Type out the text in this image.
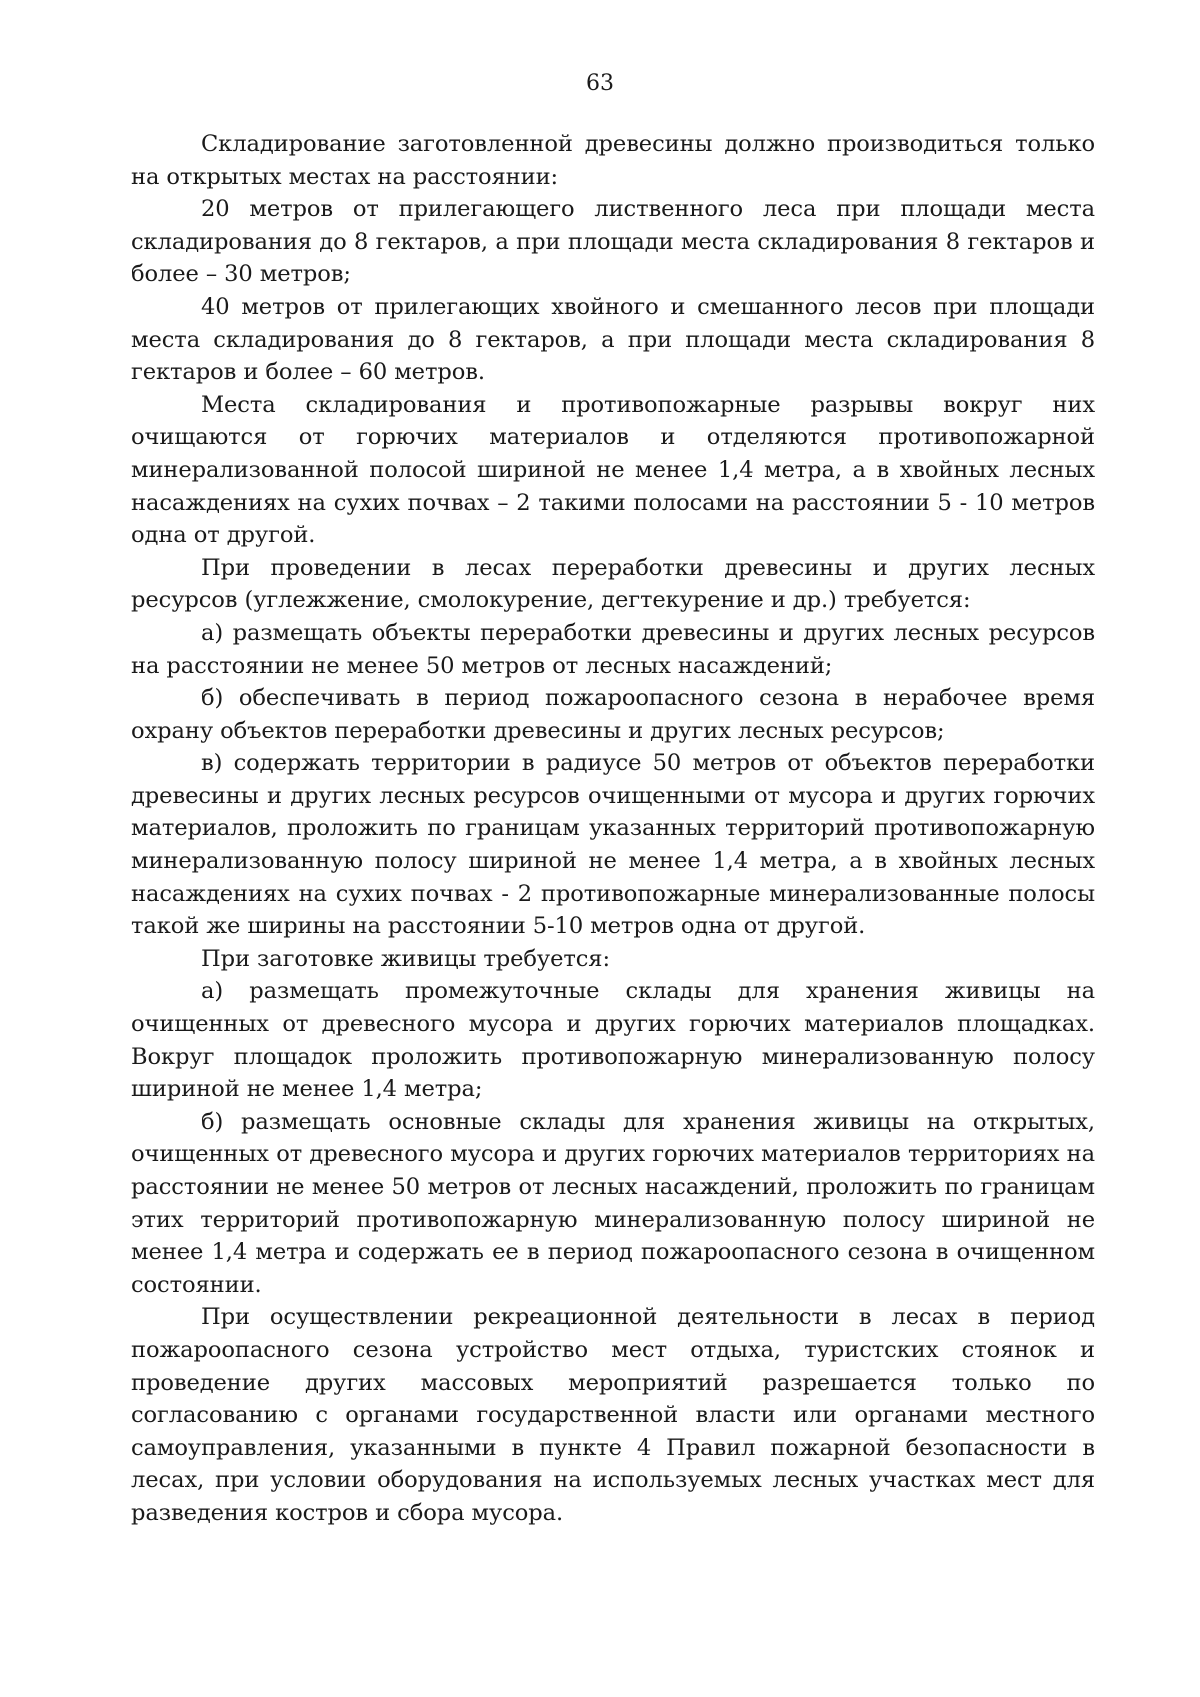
63

Складирование заготовленной древесины должно производиться только на открытых местах на расстоянии:

20 метров от прилегающего лиственного леса при площади места складирования до 8 гектаров, а при площади места складирования 8 гектаров и более – 30 метров;

40 метров от прилегающих хвойного и смешанного лесов при площади места складирования до 8 гектаров, а при площади места складирования 8 гектаров и более – 60 метров.

Места складирования и противопожарные разрывы вокруг них очищаются от горючих материалов и отделяются противопожарной минерализованной полосой шириной не менее 1,4 метра, а в хвойных лесных насаждениях на сухих почвах – 2 такими полосами на расстоянии 5 - 10 метров одна от другой.

При проведении в лесах переработки древесины и других лесных ресурсов (углежжение, смолокурение, дегтекурение и др.) требуется:

а) размещать объекты переработки древесины и других лесных ресурсов на расстоянии не менее 50 метров от лесных насаждений;

б) обеспечивать в период пожароопасного сезона в нерабочее время охрану объектов переработки древесины и других лесных ресурсов;

в) содержать территории в радиусе 50 метров от объектов переработки древесины и других лесных ресурсов очищенными от мусора и других горючих материалов, проложить по границам указанных территорий противопожарную минерализованную полосу шириной не менее 1,4 метра, а в хвойных лесных насаждениях на сухих почвах - 2 противопожарные минерализованные полосы такой же ширины на расстоянии 5-10 метров одна от другой.

При заготовке живицы требуется:

а) размещать промежуточные склады для хранения живицы на очищенных от древесного мусора и других горючих материалов площадках. Вокруг площадок проложить противопожарную минерализованную полосу шириной не менее 1,4 метра;

б) размещать основные склады для хранения живицы на открытых, очищенных от древесного мусора и других горючих материалов территориях на расстоянии не менее 50 метров от лесных насаждений, проложить по границам этих территорий противопожарную минерализованную полосу шириной не менее 1,4 метра и содержать ее в период пожароопасного сезона в очищенном состоянии.

При осуществлении рекреационной деятельности в лесах в период пожароопасного сезона устройство мест отдыха, туристских стоянок и проведение других массовых мероприятий разрешается только по согласованию с органами государственной власти или органами местного самоуправления, указанными в пункте 4 Правил пожарной безопасности в лесах, при условии оборудования на используемых лесных участках мест для разведения костров и сбора мусора.
